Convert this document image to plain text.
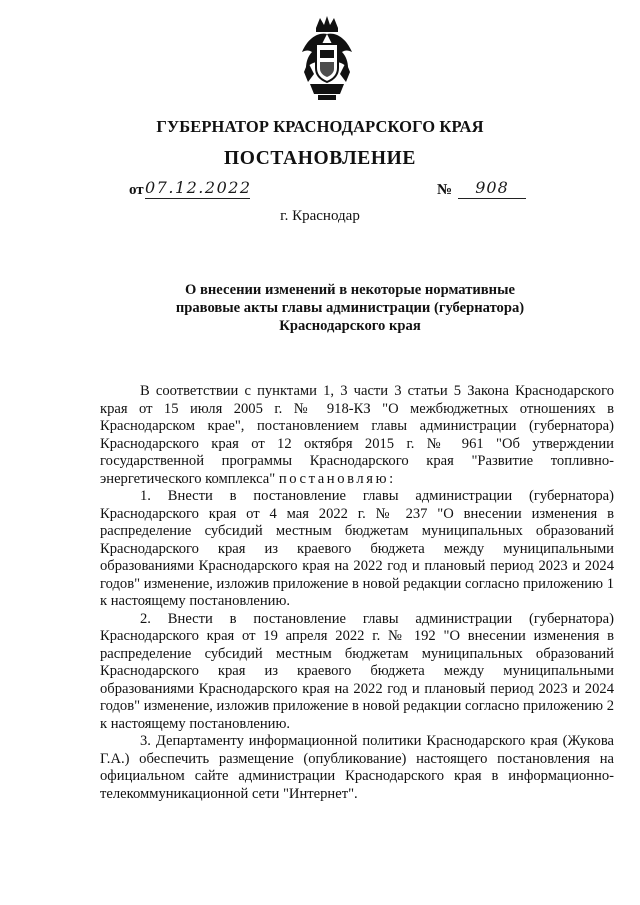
ГУБЕРНАТОР КРАСНОДАРСКОГО КРАЯ
ПОСТАНОВЛЕНИЕ
от 07.12.2022	№	908
г. Краснодар
О внесении изменений в некоторые нормативные
правовые акты главы администрации (губернатора)
Краснодарского края

В соответствии с пунктами 1, 3 части 3 статьи 5 Закона Краснодарского края от 15 июля 2005 г. № 918-КЗ "О межбюджетных отношениях в Краснодарском крае", постановлением главы администрации (губернатора) Краснодарского края от 12 октября 2015 г. № 961 "Об утверждении государственной программы Краснодарского края "Развитие топливно-энергетического комплекса" постановляю:

1. Внести в постановление главы администрации (губернатора) Краснодарского края от 4 мая 2022 г. № 237 "О внесении изменения в распределение субсидий местным бюджетам муниципальных образований Краснодарского края из краевого бюджета между муниципальными образованиями Краснодарского края на 2022 год и плановый период 2023 и 2024 годов" изменение, изложив приложение в новой редакции согласно приложению 1 к настоящему постановлению.

2. Внести в постановление главы администрации (губернатора) Краснодарского края от 19 апреля 2022 г. № 192 "О внесении изменения в распределение субсидий местным бюджетам муниципальных образований Краснодарского края из краевого бюджета между муниципальными образованиями Краснодарского края на 2022 год и плановый период 2023 и 2024 годов" изменение, изложив приложение в новой редакции согласно приложению 2 к настоящему постановлению.

3. Департаменту информационной политики Краснодарского края (Жукова Г.А.) обеспечить размещение (опубликование) настоящего постановления на официальном сайте администрации Краснодарского края в информационно-телекоммуникационной сети "Интернет".
